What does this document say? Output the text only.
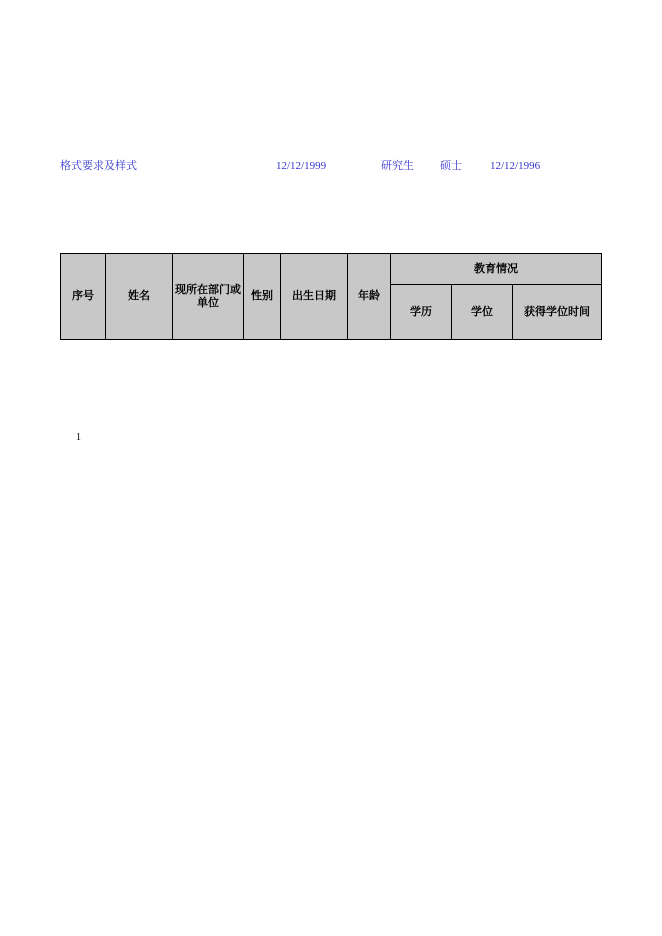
格式要求及样式	12/12/1999	研究生 硕士	12/12/1996
序号	姓名	现所在部门或单位	性别	出生日期	年龄	教育情况		
						学历	学位	获得学位时间
1
